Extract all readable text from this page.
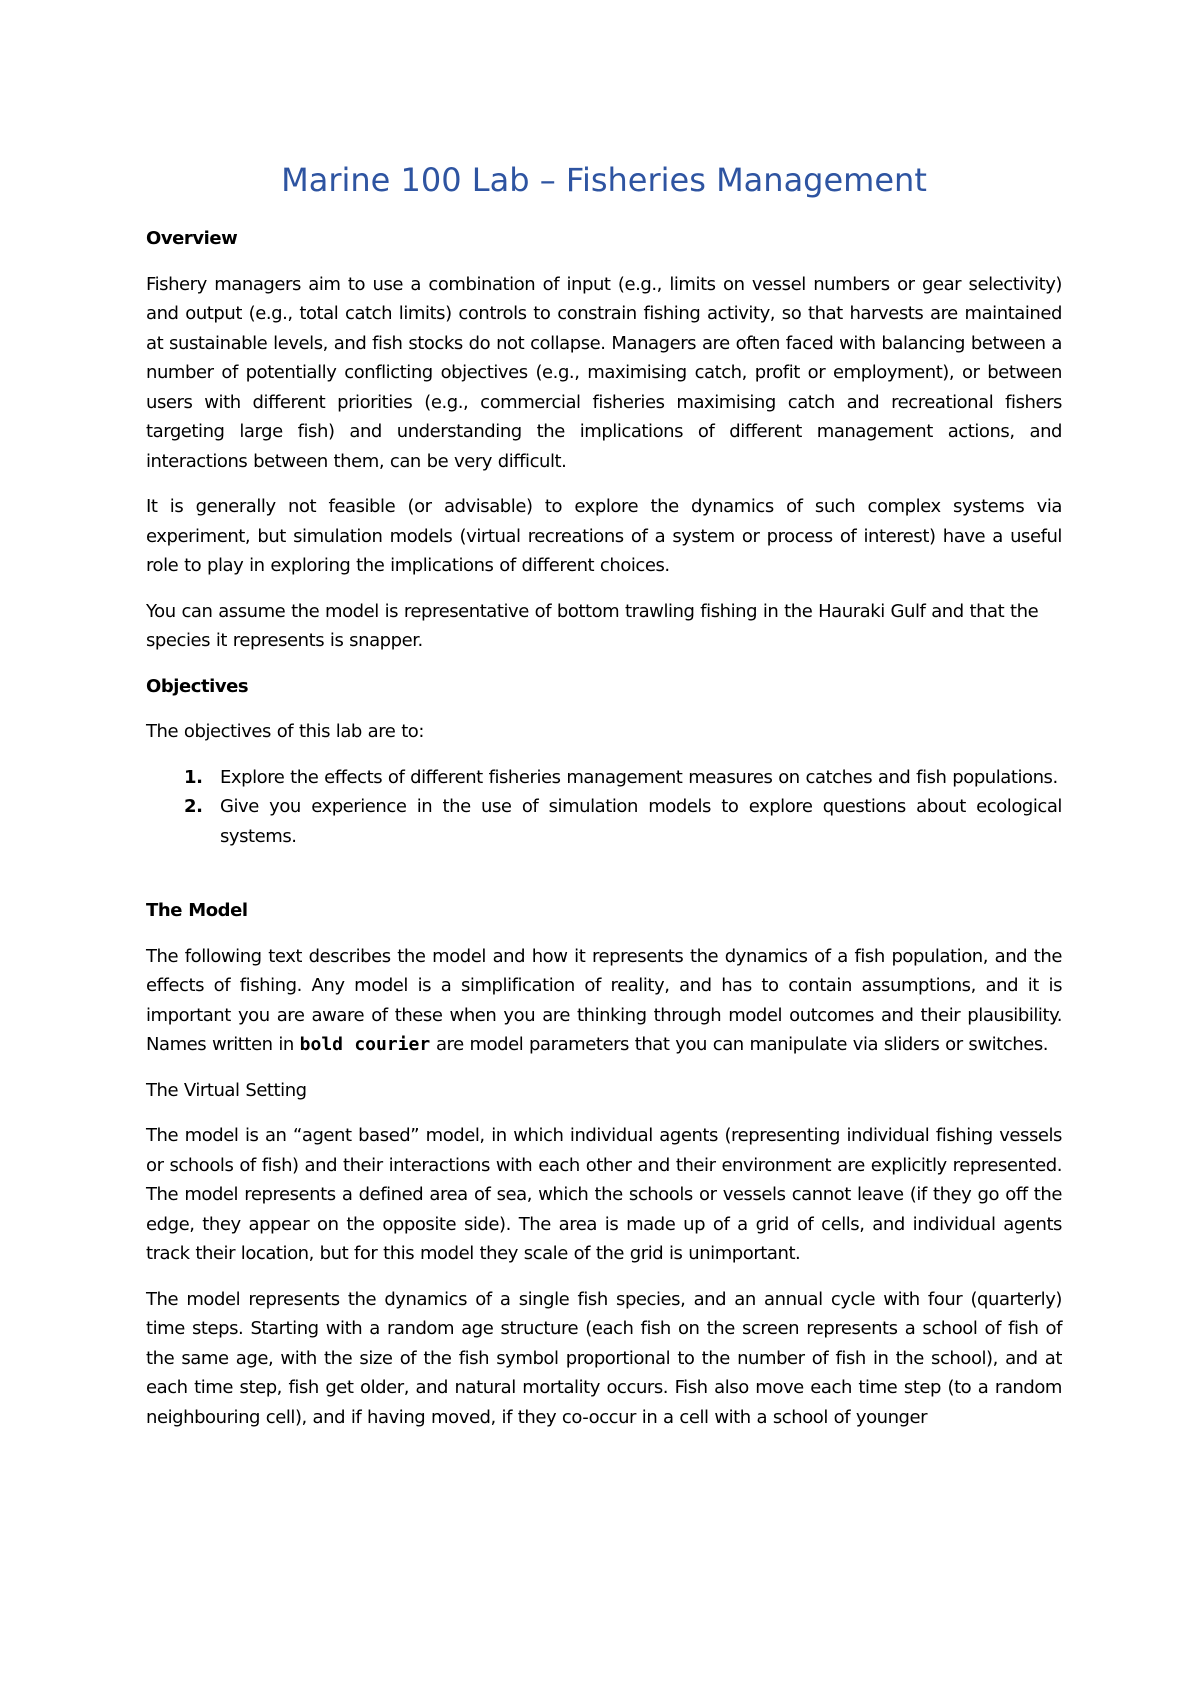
Marine 100 Lab – Fisheries Management
Overview

Fishery managers aim to use a combination of input (e.g., limits on vessel numbers or gear selectivity) and output (e.g., total catch limits) controls to constrain fishing activity, so that harvests are maintained at sustainable levels, and fish stocks do not collapse. Managers are often faced with balancing between a number of potentially conflicting objectives (e.g., maximising catch, profit or employment), or between users with different priorities (e.g., commercial fisheries maximising catch and recreational fishers targeting large fish) and understanding the implications of different management actions, and interactions between them, can be very difficult.

It is generally not feasible (or advisable) to explore the dynamics of such complex systems via experiment, but simulation models (virtual recreations of a system or process of interest) have a useful role to play in exploring the implications of different choices.

You can assume the model is representative of bottom trawling fishing in the Hauraki Gulf and that the species it represents is snapper.

Objectives

The objectives of this lab are to:

1. Explore the effects of different fisheries management measures on catches and fish populations.
2. Give you experience in the use of simulation models to explore questions about ecological systems.
The Model

The following text describes the model and how it represents the dynamics of a fish population, and the effects of fishing. Any model is a simplification of reality, and has to contain assumptions, and it is important you are aware of these when you are thinking through model outcomes and their plausibility. Names written in bold courier are model parameters that you can manipulate via sliders or switches.

The Virtual Setting

The model is an “agent based” model, in which individual agents (representing individual fishing vessels or schools of fish) and their interactions with each other and their environment are explicitly represented. The model represents a defined area of sea, which the schools or vessels cannot leave (if they go off the edge, they appear on the opposite side). The area is made up of a grid of cells, and individual agents track their location, but for this model they scale of the grid is unimportant.

The model represents the dynamics of a single fish species, and an annual cycle with four (quarterly) time steps. Starting with a random age structure (each fish on the screen represents a school of fish of the same age, with the size of the fish symbol proportional to the number of fish in the school), and at each time step, fish get older, and natural mortality occurs. Fish also move each time step (to a random neighbouring cell), and if having moved, if they co-occur in a cell with a school of younger
